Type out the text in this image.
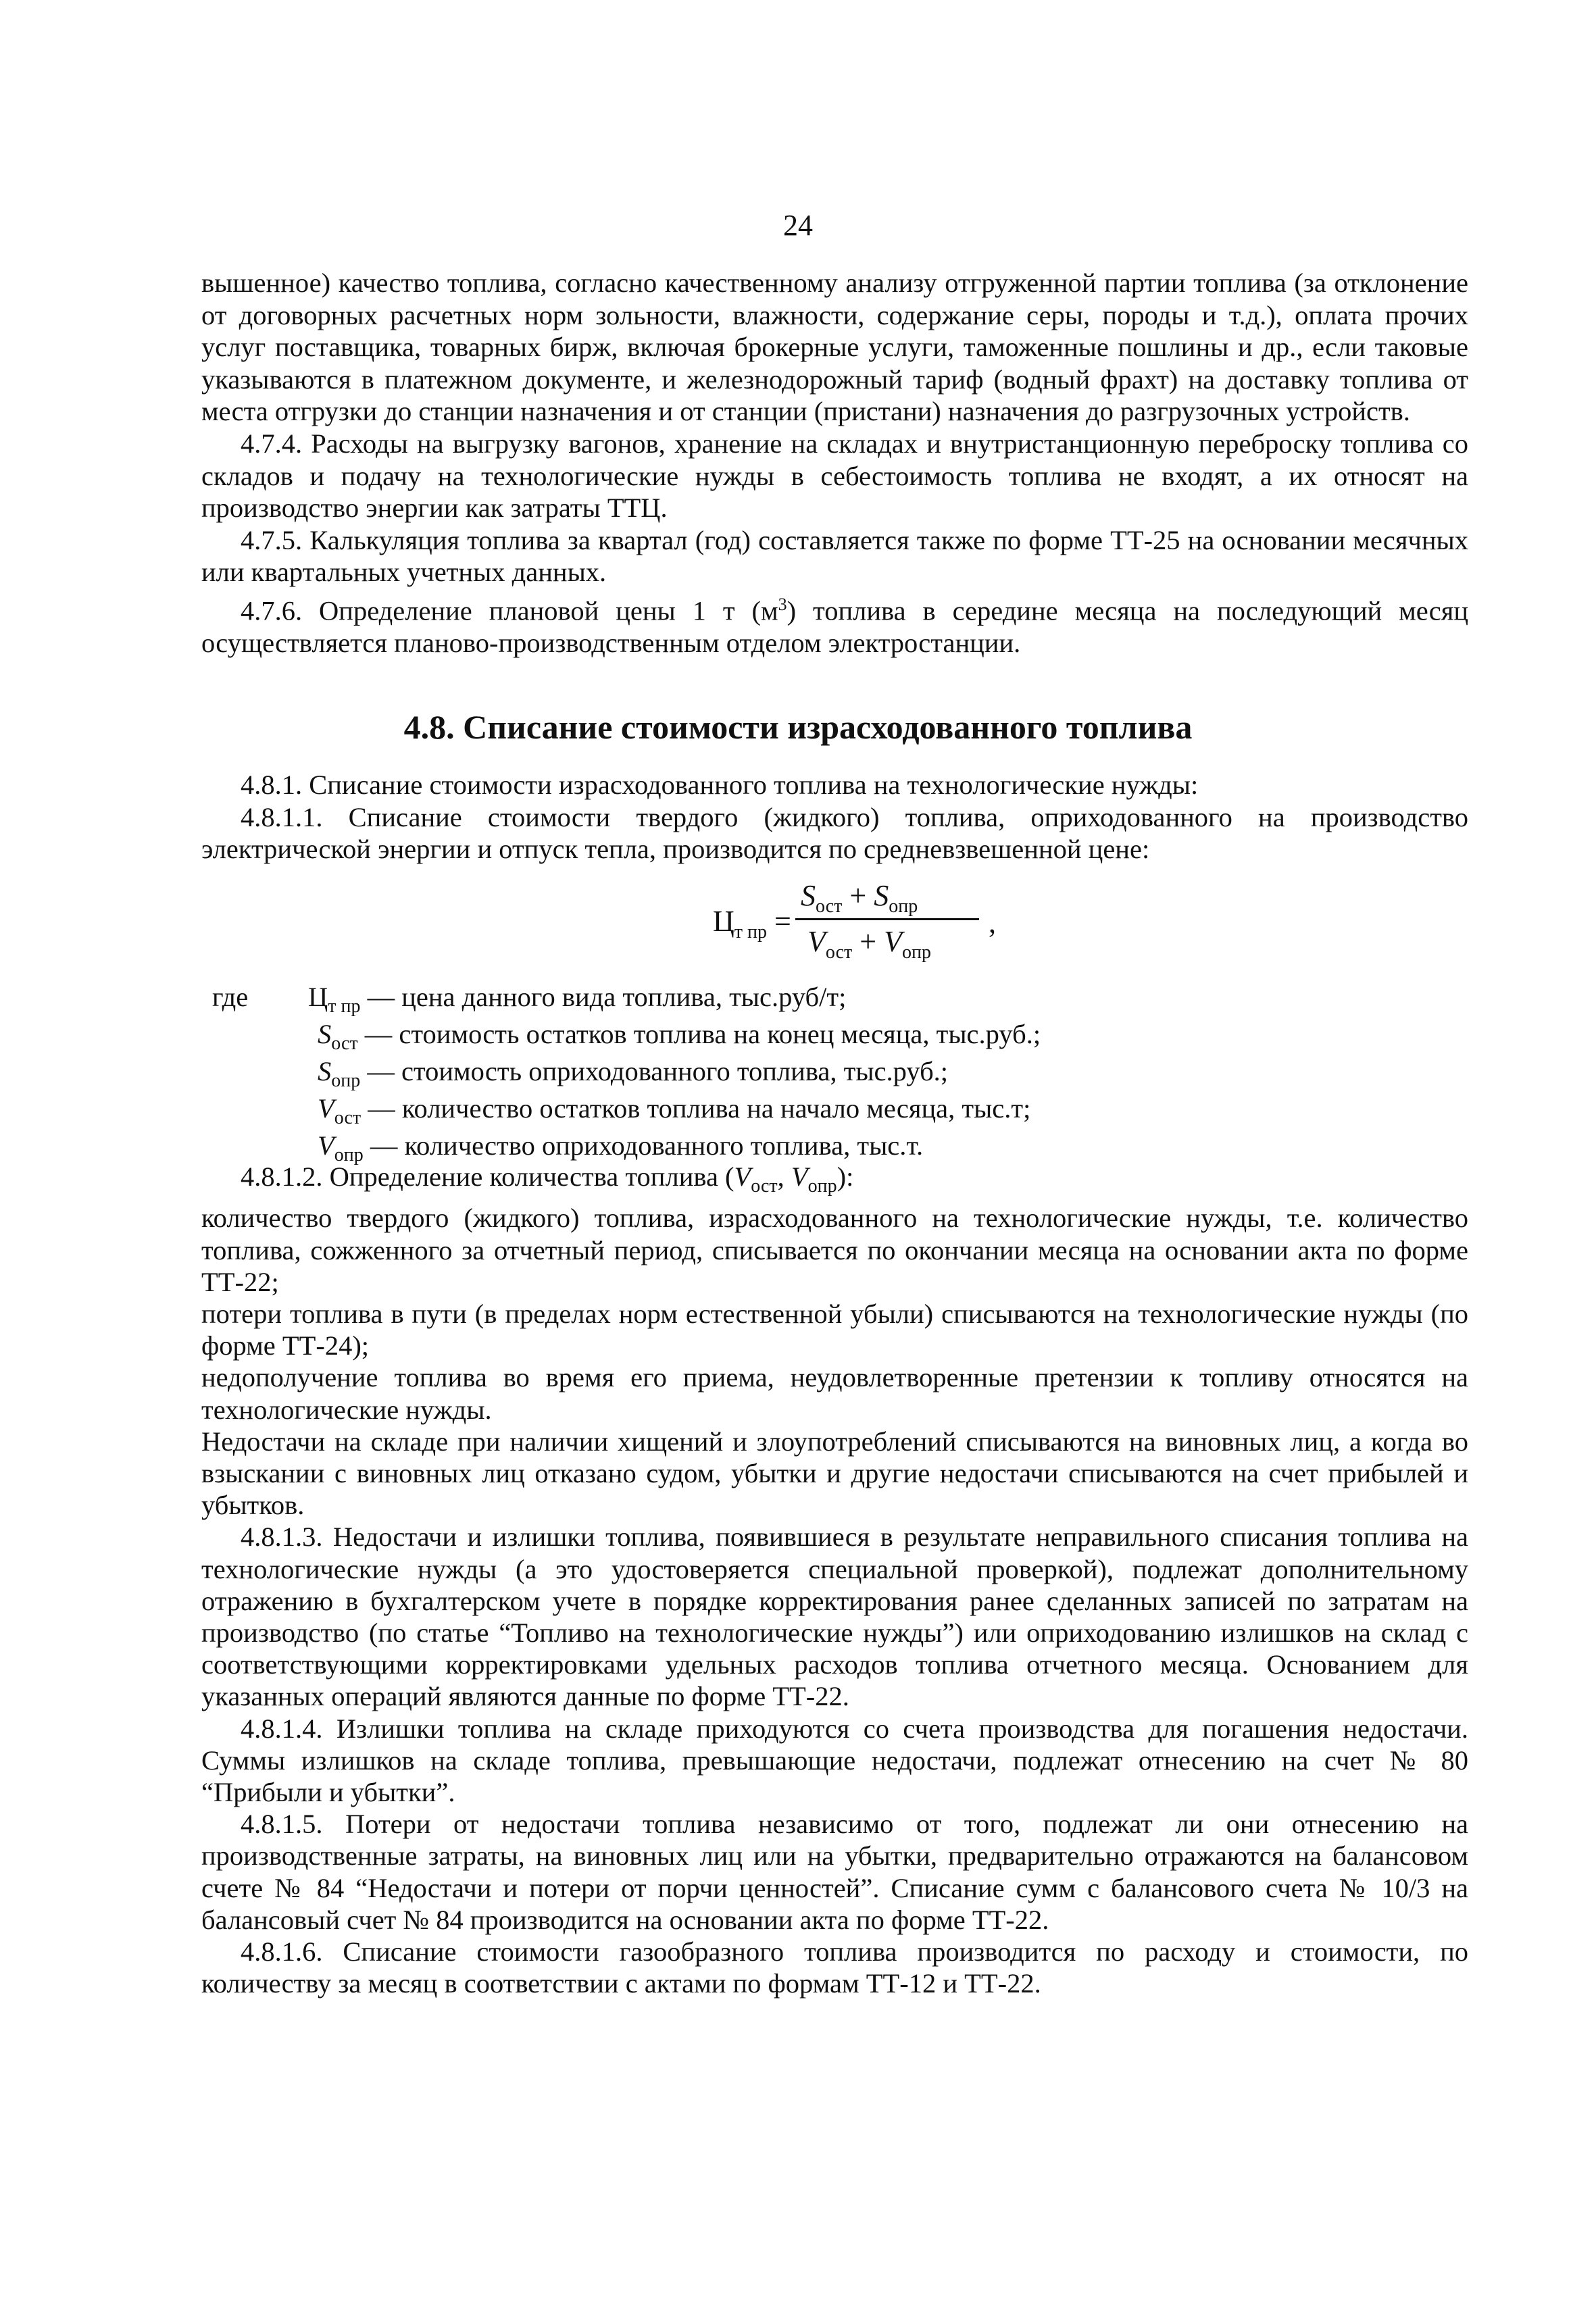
24

вышенное) качество топлива, согласно качественному анализу отгруженной партии топлива (за отклонение от договорных расчетных норм зольности, влажности, содержание серы, породы и т.д.), оплата прочих услуг поставщика, товарных бирж, включая брокерные услуги, таможенные пошлины и др., если таковые указываются в платежном документе, и железнодорожный тариф (водный фрахт) на доставку топлива от места отгрузки до станции назначения и от станции (пристани) назначения до разгрузочных устройств.

4.7.4. Расходы на выгрузку вагонов, хранение на складах и внутристанционную переброску топлива со складов и подачу на технологические нужды в себестоимость топлива не входят, а их относят на производство энергии как затраты ТТЦ.

4.7.5. Калькуляция топлива за квартал (год) составляется также по форме ТТ-25 на основании месячных или квартальных учетных данных.

4.7.6. Определение плановой цены 1 т $(м^3)$ топлива в середине месяца на последующий месяц осуществляется планово-производственным отделом электростанции.

4.8. Списание стоимости израсходованного топлива

4.8.1. Списание стоимости израсходованного топлива на технологические нужды:

4.8.1.1. Списание стоимости твердого (жидкого) топлива, оприходованного на производство электрической энергии и отпуск тепла, производится по средневзвешенной цене:

$Ц_{т пр}$ =
$S_{ост} + S_{опр}$
$V_{ост} + V_{опр}$
,
где $Ц_{т пр}$ — цена данного вида топлива, тыс.руб/т;
$S_{ост}$ — стоимость остатков топлива на конец месяца, тыс.руб.;
$S_{опр}$ — стоимость оприходованного топлива, тыс.руб.;
$V_{ост}$ — количество остатков топлива на начало месяца, тыс.т;
$V_{опр}$ — количество оприходованного топлива, тыс.т.

4.8.1.2. Определение количества топлива ($V_{ост}$, $V_{опр}$):

количество твердого (жидкого) топлива, израсходованного на технологические нужды, т.е. количество топлива, сожженного за отчетный период, списывается по окончании месяца на основании акта по форме ТТ-22;

потери топлива в пути (в пределах норм естественной убыли) списываются на технологические нужды (по форме ТТ-24);

недополучение топлива во время его приема, неудовлетворенные претензии к топливу относятся на технологические нужды.

Недостачи на складе при наличии хищений и злоупотреблений списываются на виновных лиц, а когда во взыскании с виновных лиц отказано судом, убытки и другие недостачи списываются на счет прибылей и убытков.

4.8.1.3. Недостачи и излишки топлива, появившиеся в результате неправильного списания топлива на технологические нужды (а это удостоверяется специальной проверкой), подлежат дополнительному отражению в бухгалтерском учете в порядке корректирования ранее сделанных записей по затратам на производство (по статье “Топливо на технологические нужды”) или оприходованию излишков на склад с соответствующими корректировками удельных расходов топлива отчетного месяца. Основанием для указанных операций являются данные по форме ТТ-22.

4.8.1.4. Излишки топлива на складе приходуются со счета производства для погашения недостачи. Суммы излишков на складе топлива, превышающие недостачи, подлежат отнесению на счет № 80 “Прибыли и убытки”.

4.8.1.5. Потери от недостачи топлива независимо от того, подлежат ли они отнесению на производственные затраты, на виновных лиц или на убытки, предварительно отражаются на балансовом счете № 84 “Недостачи и потери от порчи ценностей”. Списание сумм с балансового счета № 10/3 на балансовый счет № 84 производится на основании акта по форме ТТ-22.

4.8.1.6. Списание стоимости газообразного топлива производится по расходу и стоимости, по количеству за месяц в соответствии с актами по формам ТТ-12 и ТТ-22.
